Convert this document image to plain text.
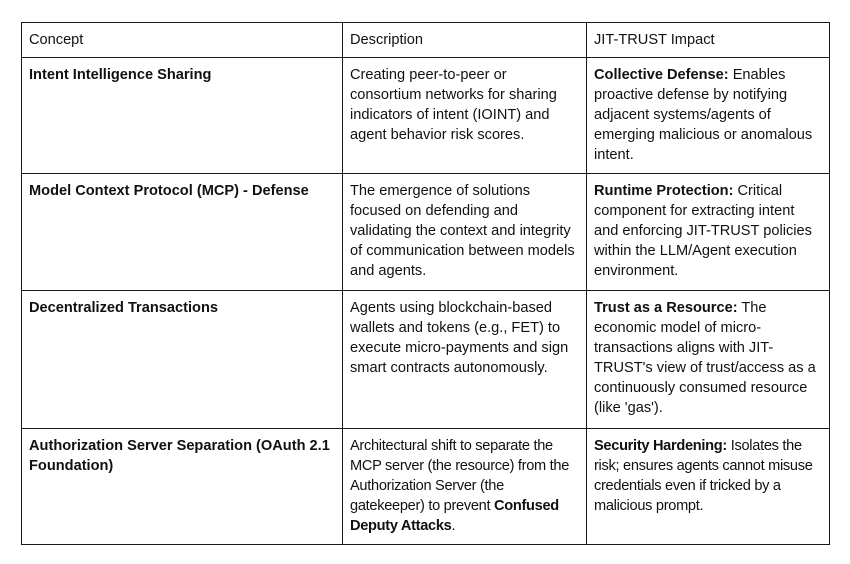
Concept	Description	JIT-TRUST Impact
Intent Intelligence Sharing	Creating peer-to-peer or consortium networks for sharing indicators of intent (IOINT) and agent behavior risk scores.	Collective Defense: Enables proactive defense by notifying adjacent systems/agents of emerging malicious or anomalous intent.
Model Context Protocol (MCP) - Defense	The emergence of solutions focused on defending and validating the context and integrity of communication between models and agents.	Runtime Protection: Critical component for extracting intent and enforcing JIT-TRUST policies within the LLM/Agent execution environment.
Decentralized Transactions	Agents using blockchain-based wallets and tokens (e.g., FET) to execute micro-payments and sign smart contracts autonomously.	Trust as a Resource: The economic model of micro-transactions aligns with JIT-TRUST's view of trust/access as a continuously consumed resource (like 'gas').
Authorization Server Separation (OAuth 2.1 Foundation)	Architectural shift to separate the MCP server (the resource) from the Authorization Server (the gatekeeper) to prevent Confused Deputy Attacks.	Security Hardening: Isolates the risk; ensures agents cannot misuse credentials even if tricked by a malicious prompt.
